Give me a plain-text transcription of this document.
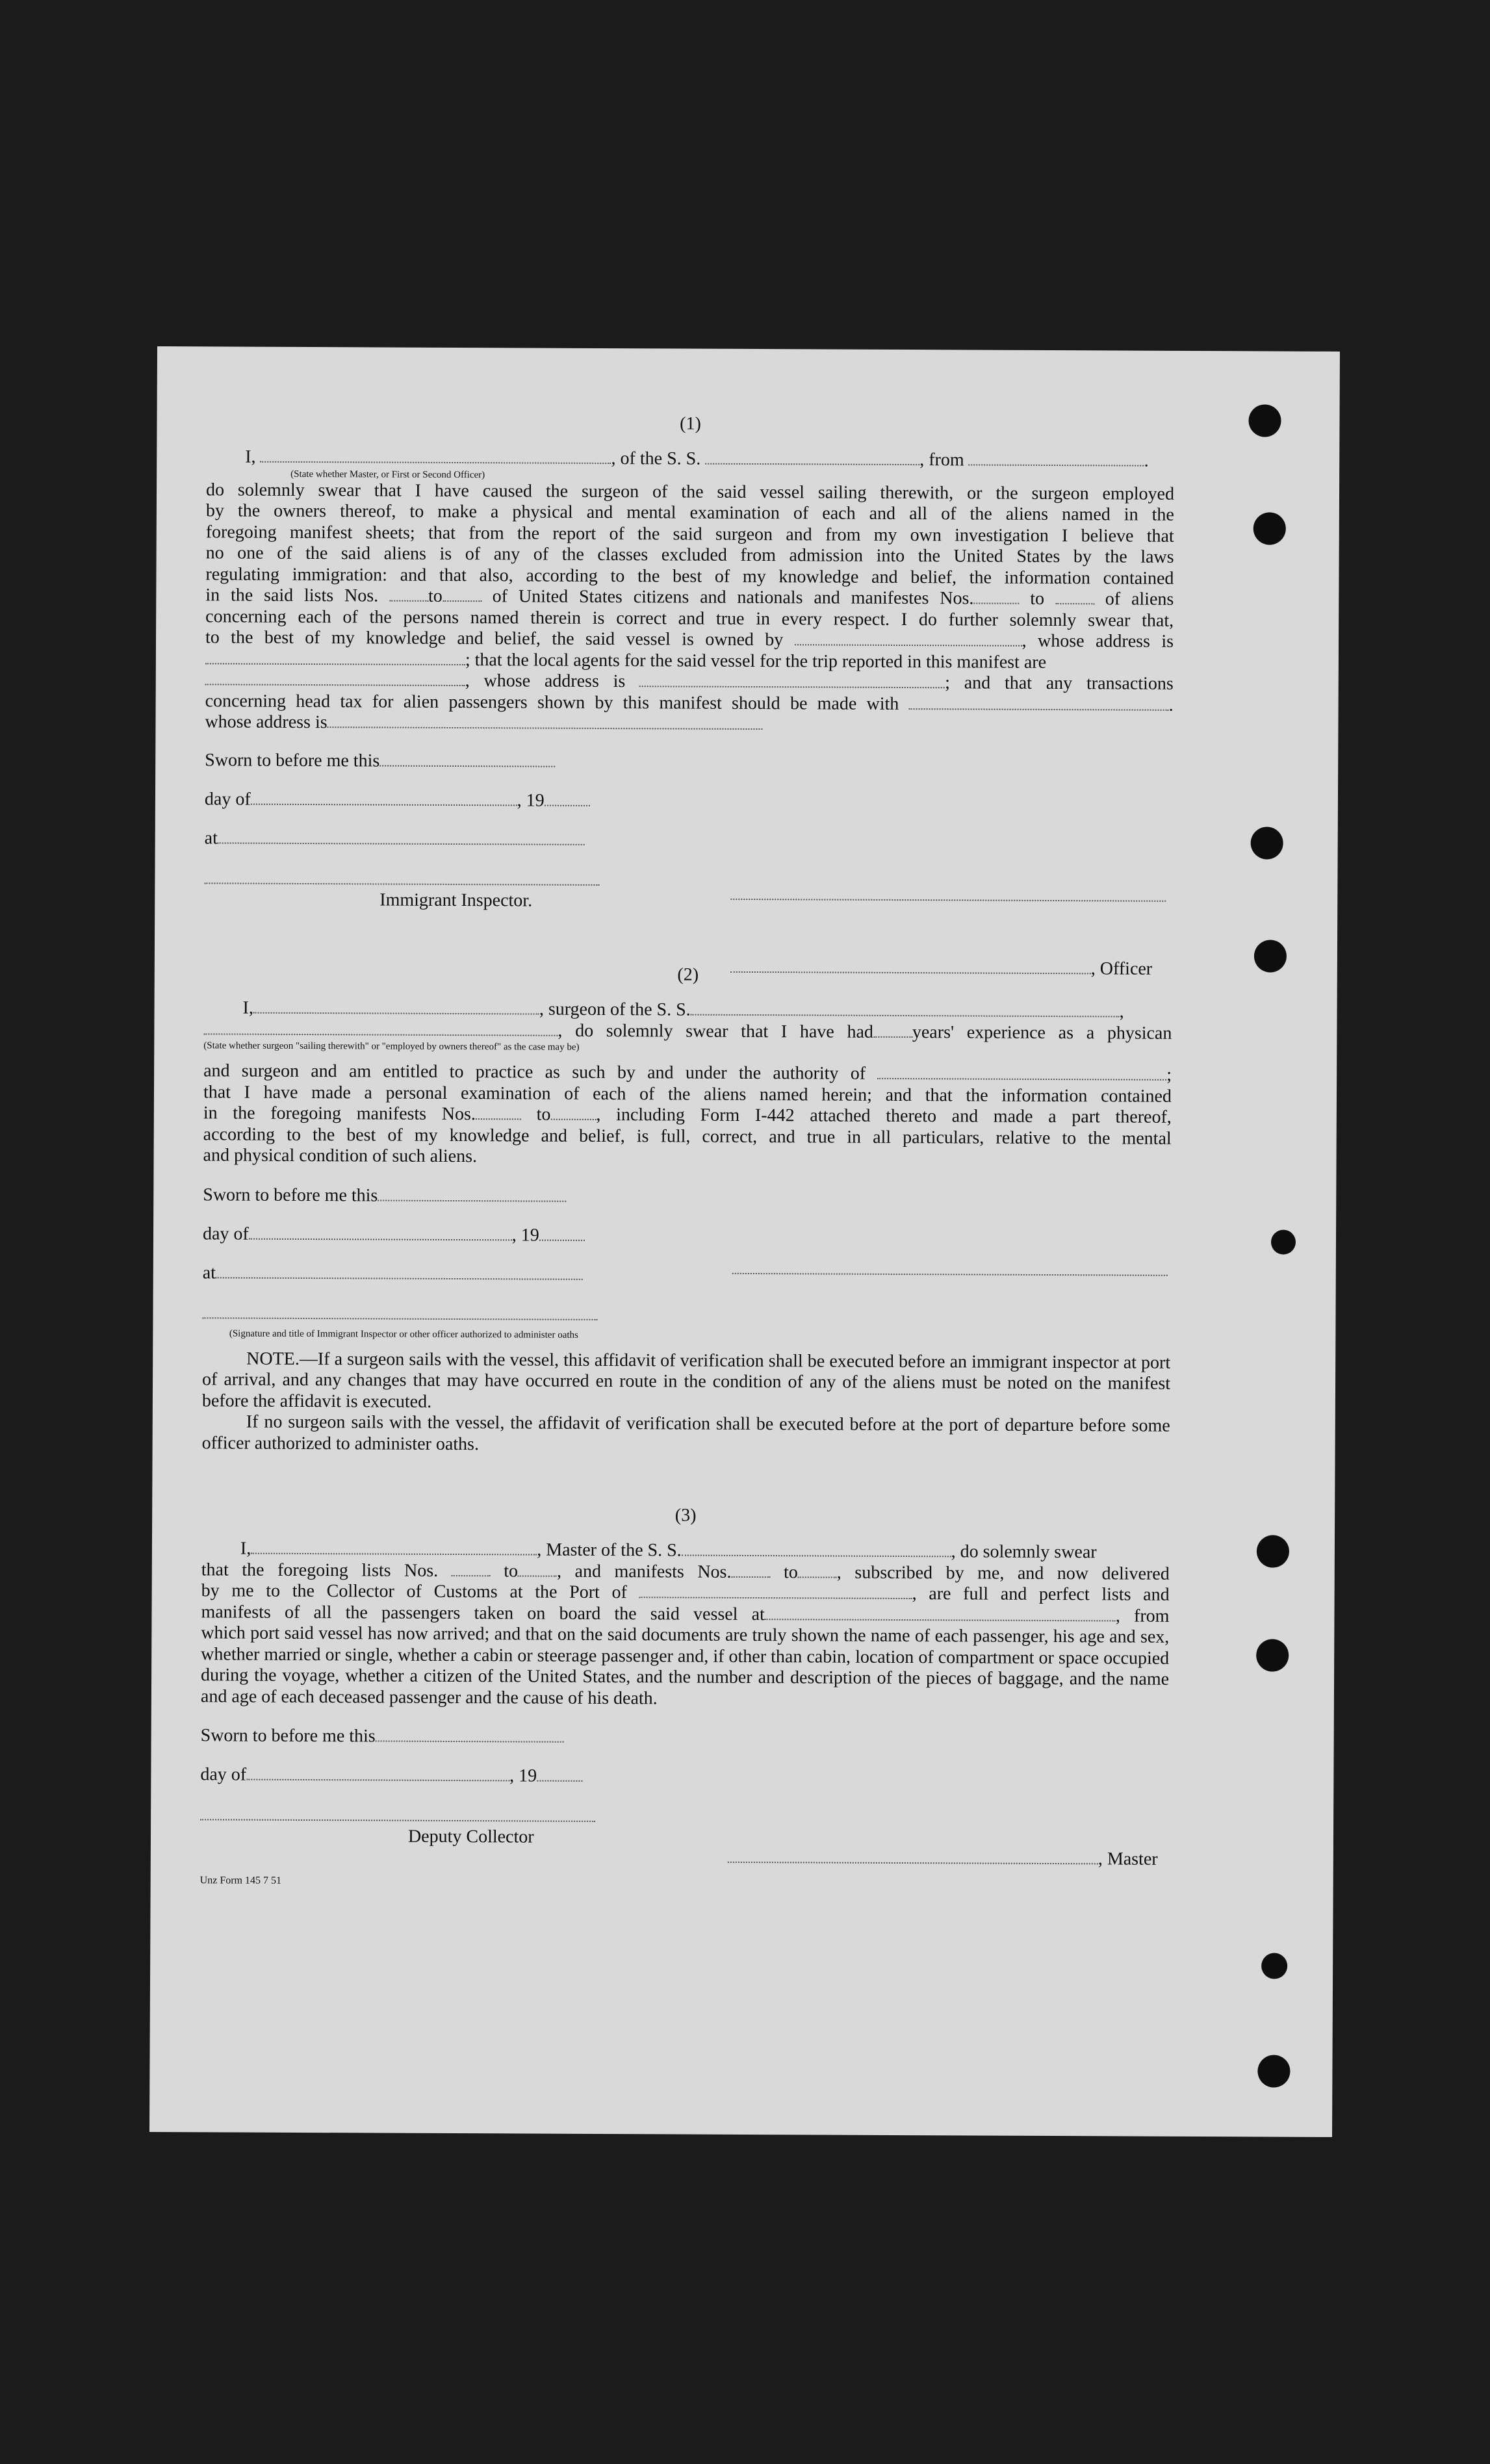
(1)
I,	, of the S. S.	, from	.
(State whether Master, or First or Second Officer)
do solemnly swear that I have caused the surgeon of the said vessel sailing therewith, or the surgeon employed
by the owners thereof, to make a physical and mental examination of each and all of the aliens named in the
foregoing manifest sheets; that from the report of the said surgeon and from my own investigation I believe that
no one of the said aliens is of any of the classes excluded from admission into the United States by the laws
regulating immigration: and that also, according to the best of my knowledge and belief, the information contained
in the said lists Nos.	to	of United States citizens and nationals and manifestes Nos.	to	of aliens
concerning each of the persons named therein is correct and true in every respect. I do further solemnly swear that,
to the best of my knowledge and belief, the said vessel is owned by	, whose address is
; that the local agents for the said vessel for the trip reported in this manifest are
, whose address is	; and that any transactions
concerning head tax for alien passengers shown by this manifest should be made with	.
whose address is
Sworn to before me this
day of	, 19
at
Immigrant Inspector.
, Officer
(2)
I,	, surgeon of the S. S.	,
, do solemnly swear that I have had years' experience as a physican
(State whether surgeon "sailing therewith" or "employed by owners thereof" as the case may be)
and surgeon and am entitled to practice as such by and under the authority of	;
that I have made a personal examination of each of the aliens named herein; and that the information contained
in the foregoing manifests Nos.	to , including Form I-442 attached thereto and made a part thereof,
according to the best of my knowledge and belief, is full, correct, and true in all particulars, relative to the mental
and physical condition of such aliens.
Sworn to before me this
day of	, 19
at
(Signature and title of Immigrant Inspector or other officer authorized to administer oaths
NOTE.—If a surgeon sails with the vessel, this affidavit of verification shall be executed before an immigrant inspector at port of arrival, and any changes that may have occurred en route in the condition of any of the aliens must be noted on the manifest before the affidavit is executed.
If no surgeon sails with the vessel, the affidavit of verification shall be executed before at the port of departure before some officer authorized to administer oaths.
(3)
I,	, Master of the S. S.	, do solemnly swear
that the foregoing lists Nos.	to , and manifests Nos.	to , subscribed by me, and now delivered
by me to the Collector of Customs at the Port of	, are full and perfect lists and
manifests of all the passengers taken on board the said vessel at	, from
which port said vessel has now arrived; and that on the said documents are truly shown the name of each passenger, his age and sex, whether married or single, whether a cabin or steerage passenger and, if other than cabin, location of compartment or space occupied during the voyage, whether a citizen of the United States, and the number and description of the pieces of baggage, and the name and age of each deceased passenger and the cause of his death.
Sworn to before me this
day of	, 19
Deputy Collector
, Master
Unz Form 145 7 51
